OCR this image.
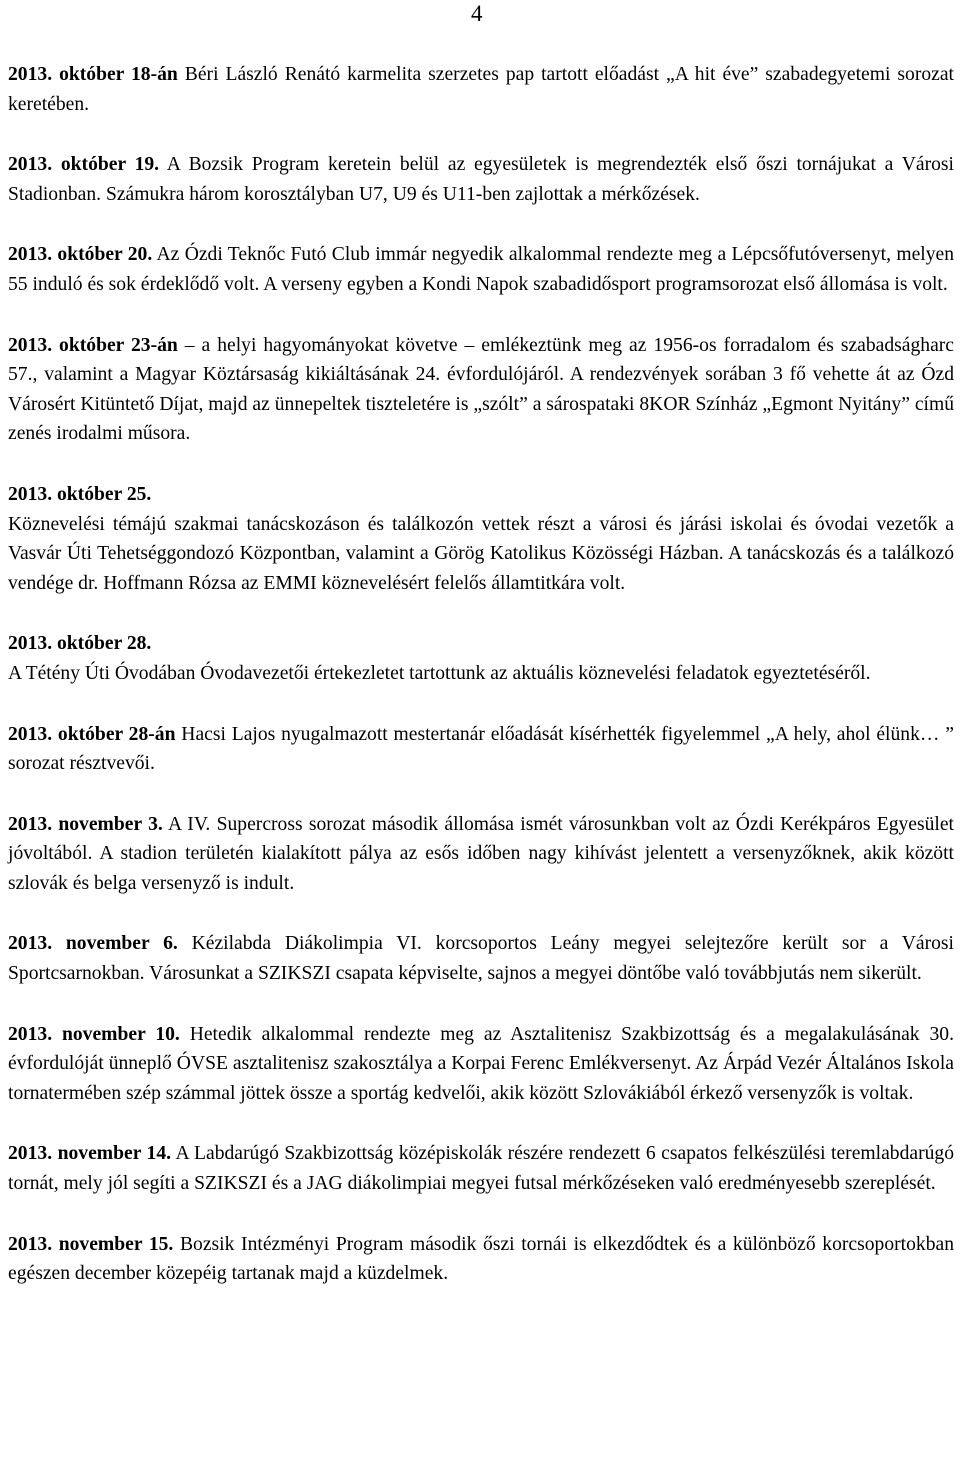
4

2013. október 18-án Béri László Renátó karmelita szerzetes pap tartott előadást „A hit éve” szabadegyetemi sorozat keretében.

2013. október 19. A Bozsik Program keretein belül az egyesületek is megrendezték első őszi tornájukat a Városi Stadionban. Számukra három korosztályban U7, U9 és U11-ben zajlottak a mérkőzések.

2013. október 20. Az Ózdi Teknőc Futó Club immár negyedik alkalommal rendezte meg a Lépcsőfutóversenyt, melyen 55 induló és sok érdeklődő volt. A verseny egyben a Kondi Napok szabadidősport programsorozat első állomása is volt.

2013. október 23-án – a helyi hagyományokat követve – emlékeztünk meg az 1956-os forradalom és szabadságharc 57., valamint a Magyar Köztársaság kikiáltásának 24. évfordulójáról. A rendezvények sorában 3 fő vehette át az Ózd Városért Kitüntető Díjat, majd az ünnepeltek tiszteletére is „szólt” a sárospataki 8KOR Színház „Egmont Nyitány” című zenés irodalmi műsora.

2013. október 25.
Köznevelési témájú szakmai tanácskozáson és találkozón vettek részt a városi és járási iskolai és óvodai vezetők a Vasvár Úti Tehetséggondozó Központban, valamint a Görög Katolikus Közösségi Házban. A tanácskozás és a találkozó vendége dr. Hoffmann Rózsa az EMMI köznevelésért felelős államtitkára volt.

2013. október 28.
A Tétény Úti Óvodában Óvodavezetői értekezletet tartottunk az aktuális köznevelési feladatok egyeztetéséről.

2013. október 28-án Hacsi Lajos nyugalmazott mestertanár előadását kísérhették figyelemmel „A hely, ahol élünk… ” sorozat résztvevői.

2013. november 3. A IV. Supercross sorozat második állomása ismét városunkban volt az Ózdi Kerékpáros Egyesület jóvoltából. A stadion területén kialakított pálya az esős időben nagy kihívást jelentett a versenyzőknek, akik között szlovák és belga versenyző is indult.

2013. november 6. Kézilabda Diákolimpia VI. korcsoportos Leány megyei selejtezőre került sor a Városi Sportcsarnokban. Városunkat a SZIKSZI csapata képviselte, sajnos a megyei döntőbe való továbbjutás nem sikerült.

2013. november 10. Hetedik alkalommal rendezte meg az Asztalitenisz Szakbizottság és a megalakulásának 30. évfordulóját ünneplő ÓVSE asztalitenisz szakosztálya a Korpai Ferenc Emlékversenyt. Az Árpád Vezér Általános Iskola tornatermében szép számmal jöttek össze a sportág kedvelői, akik között Szlovákiából érkező versenyzők is voltak.

2013. november 14. A Labdarúgó Szakbizottság középiskolák részére rendezett 6 csapatos felkészülési teremlabdarúgó tornát, mely jól segíti a SZIKSZI és a JAG diákolimpiai megyei futsal mérkőzéseken való eredményesebb szereplését.

2013. november 15. Bozsik Intézményi Program második őszi tornái is elkezdődtek és a különböző korcsoportokban egészen december közepéig tartanak majd a küzdelmek.
